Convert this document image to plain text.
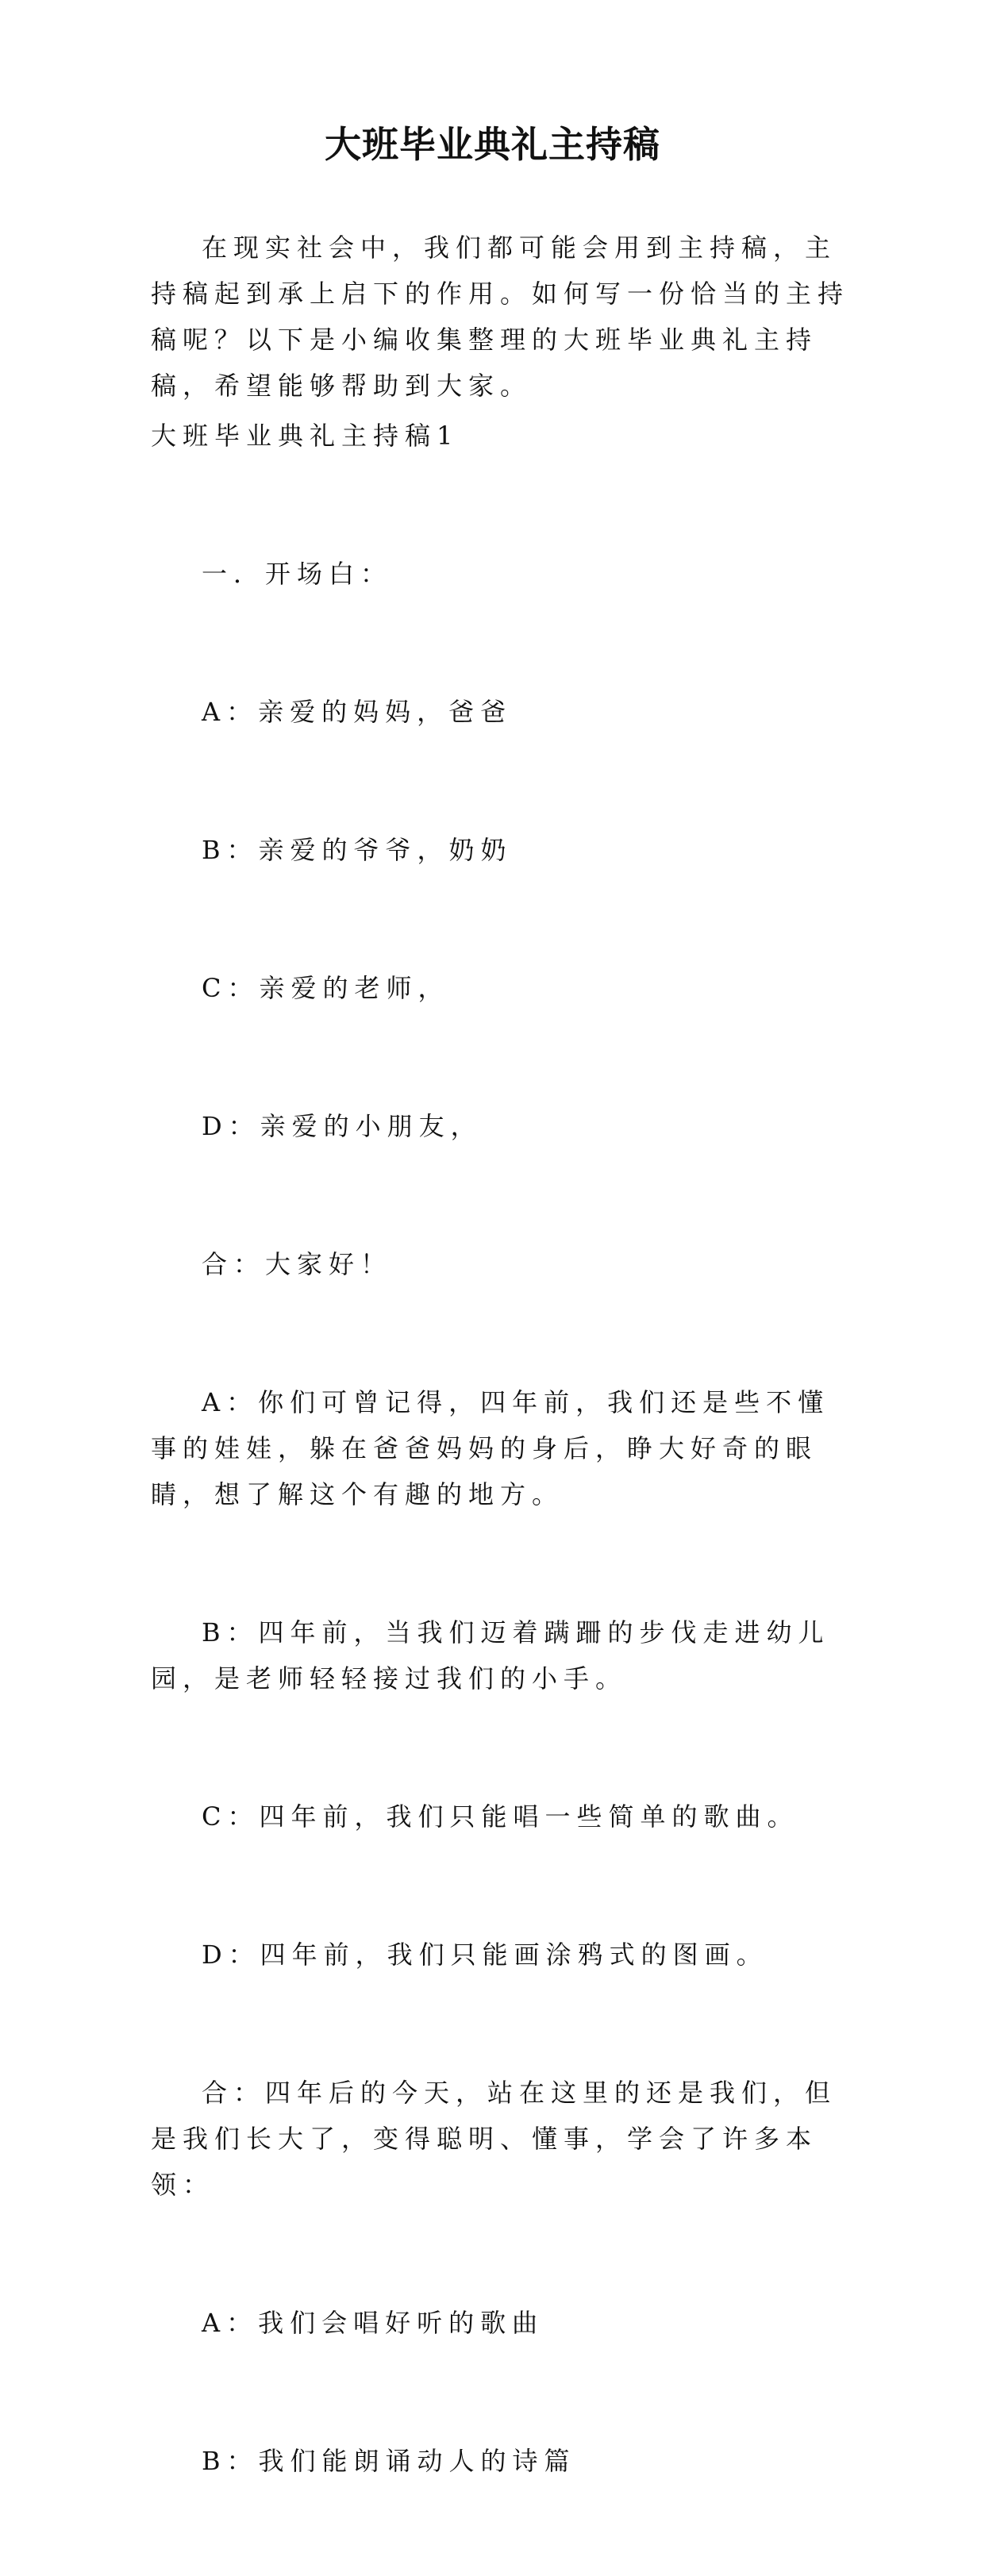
大班毕业典礼主持稿

在现实社会中，我们都可能会用到主持稿，主持稿起到承上启下的作用。如何写一份恰当的主持稿呢？以下是小编收集整理的大班毕业典礼主持稿，希望能够帮助到大家。

大班毕业典礼主持稿1

一．开场白：

A：亲爱的妈妈，爸爸

B：亲爱的爷爷，奶奶

C：亲爱的老师，

D：亲爱的小朋友，

合：大家好！

A：你们可曾记得，四年前，我们还是些不懂事的娃娃，躲在爸爸妈妈的身后，睁大好奇的眼睛，想了解这个有趣的地方。

B：四年前，当我们迈着蹒跚的步伐走进幼儿园，是老师轻轻接过我们的小手。

C：四年前，我们只能唱一些简单的歌曲。

D：四年前，我们只能画涂鸦式的图画。

合：四年后的今天，站在这里的还是我们，但是我们长大了，变得聪明、懂事，学会了许多本领：

A：我们会唱好听的歌曲

B：我们能朗诵动人的诗篇
